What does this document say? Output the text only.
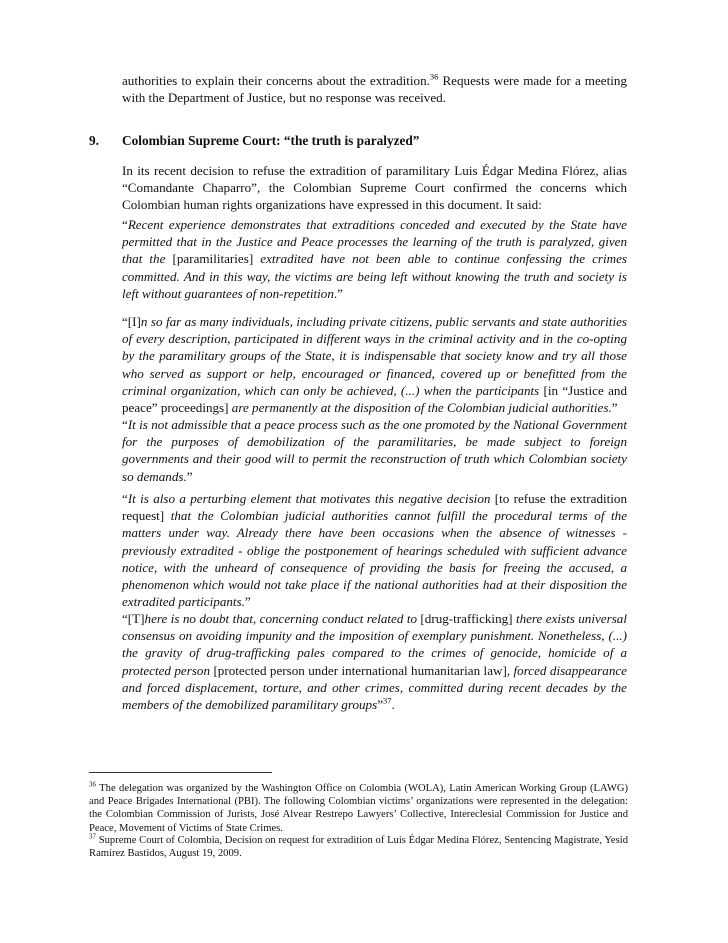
authorities to explain their concerns about the extradition.$^{36}$ Requests were made for a meeting with the Department of Justice, but no response was received.

9. Colombian Supreme Court: “the truth is paralyzed”

In its recent decision to refuse the extradition of paramilitary Luis Édgar Medina Flórez, alias “Comandante Chaparro”, the Colombian Supreme Court confirmed the concerns which Colombian human rights organizations have expressed in this document. It said:

“Recent experience demonstrates that extraditions conceded and executed by the State have permitted that in the Justice and Peace processes the learning of the truth is paralyzed, given that the [paramilitaries] extradited have not been able to continue confessing the crimes committed. And in this way, the victims are being left without knowing the truth and society is left without guarantees of non-repetition.”

“[I]n so far as many individuals, including private citizens, public servants and state authorities of every description, participated in different ways in the criminal activity and in the co-opting by the paramilitary groups of the State, it is indispensable that society know and try all those who served as support or help, encouraged or financed, covered up or benefitted from the criminal organization, which can only be achieved, (...) when the participants [in “Justice and peace” proceedings] are permanently at the disposition of the Colombian judicial authorities.”

“It is not admissible that a peace process such as the one promoted by the National Government for the purposes of demobilization of the paramilitaries, be made subject to foreign governments and their good will to permit the reconstruction of truth which Colombian society so demands.”

“It is also a perturbing element that motivates this negative decision [to refuse the extradition request] that the Colombian judicial authorities cannot fulfill the procedural terms of the matters under way. Already there have been occasions when the absence of witnesses - previously extradited - oblige the postponement of hearings scheduled with sufficient advance notice, with the unheard of consequence of providing the basis for freeing the accused, a phenomenon which would not take place if the national authorities had at their disposition the extradited participants.”

“[T]here is no doubt that, concerning conduct related to [drug-trafficking] there exists universal consensus on avoiding impunity and the imposition of exemplary punishment. Nonetheless, (...) the gravity of drug-trafficking pales compared to the crimes of genocide, homicide of a protected person [protected person under international humanitarian law], forced disappearance and forced displacement, torture, and other crimes, committed during recent decades by the members of the demobilized paramilitary groups”$^{37}$.

$^{36}$ The delegation was organized by the Washington Office on Colombia (WOLA), Latin American Working Group (LAWG) and Peace Brigades International (PBI). The following Colombian victims’ organizations were represented in the delegation: the Colombian Commission of Jurists, José Alvear Restrepo Lawyers’ Collective, Intereclesial Commission for Justice and Peace, Movement of Victims of State Crimes.

$^{37}$ Supreme Court of Colombia, Decision on request for extradition of Luis Édgar Medina Flórez, Sentencing Magistrate, Yesid Ramírez Bastidos, August 19, 2009.
